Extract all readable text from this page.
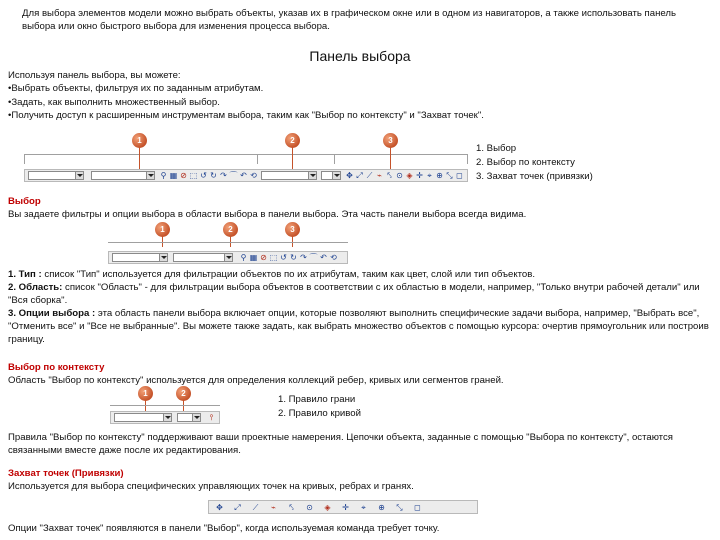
Для выбора элементов модели можно выбрать объекты, указав их в графическом окне или в одном из навигаторов, а также использовать панель выбора или окно быстрого выбора для изменения процесса выбора.
Панель выбора
Используя панель выбора, вы можете:
•Выбрать объекты, фильтруя их по заданным атрибутам.
•Задать, как выполнить множественный выбор.
•Получить доступ к расширенным инструментам выбора, таким как "Выбор по контексту" и "Захват точек".
1	2	3
⚲ ▦ ⊘ ⬚ ↺ ↻ ↷ ⌒ ↶ ⟲	✥ ⤢ ⟋ ⌁ ⤣ ⊙ ◈ ✛ ⌖ ⊕ ⤡ ◻
1. Выбор
2. Выбор по контексту
3. Захват точек (привязки)
Выбор
Вы задаете фильтры и опции выбора в области выбора в панели выбора. Эта часть панели выбора всегда видима.
1	2	3
⚲ ▦ ⊘ ⬚ ↺ ↻ ↷ ⌒ ↶ ⟲
1. Тип : список "Тип" используется для фильтрации объектов по их атрибутам, таким как цвет, слой или тип объектов.
2. Область: список "Область" - для фильтрации выбора объектов в соответствии с их областью в модели, например, "Только внутри рабочей детали" или "Вся сборка".
3. Опции выбора : эта область панели выбора включает опции, которые позволяют выполнить специфические задачи выбора, например, "Выбрать все", "Отменить все" и "Все не выбранные". Вы можете также задать, как выбрать множество объектов с помощью курсора: очертив прямоугольник или построив границу.
Выбор по контексту
Область "Выбор по контексту" используется для определения коллекций ребер, кривых или сегментов граней.
1	2
⫯
1. Правило грани
2. Правило кривой
Правила "Выбор по контексту" поддерживают ваши проектные намерения. Цепочки объекта, заданные с помощью "Выбора по контексту", остаются связанными вместе даже после их редактирования.
Захват точек (Привязки)
Используется для выбора специфических управляющих точек на кривых, ребрах и гранях.
✥ ⤢ ⟋ ⌁ ⤣ ⊙ ◈ ✛ ⌖ ⊕ ⤡ ◻
Опции "Захват точек" появляются в панели "Выбор", когда используемая команда требует точку.
